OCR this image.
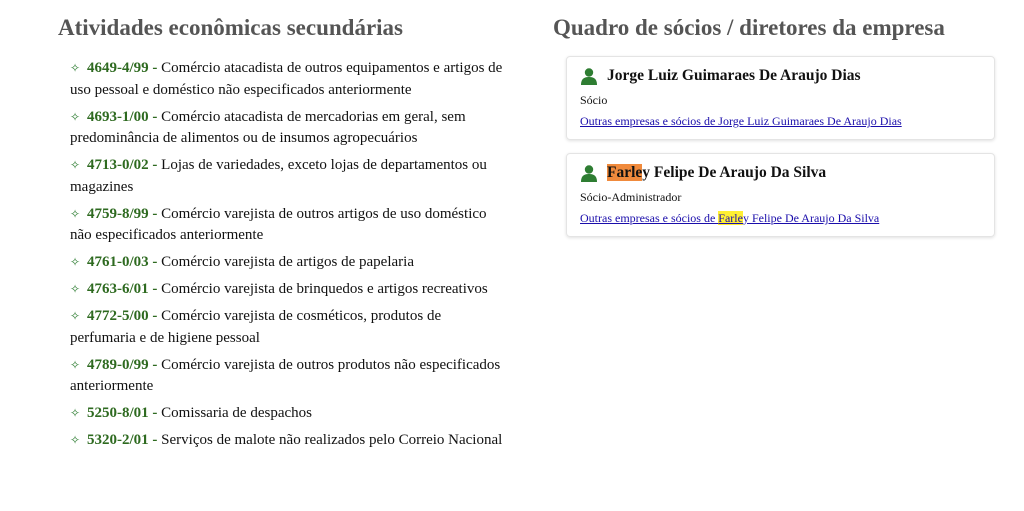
Atividades econômicas secundárias
✧ 4649-4/99 - Comércio atacadista de outros equipamentos e artigos de uso pessoal e doméstico não especificados anteriormente
✧ 4693-1/00 - Comércio atacadista de mercadorias em geral, sem predominância de alimentos ou de insumos agropecuários
✧ 4713-0/02 - Lojas de variedades, exceto lojas de departamentos ou magazines
✧ 4759-8/99 - Comércio varejista de outros artigos de uso doméstico não especificados anteriormente
✧ 4761-0/03 - Comércio varejista de artigos de papelaria
✧ 4763-6/01 - Comércio varejista de brinquedos e artigos recreativos
✧ 4772-5/00 - Comércio varejista de cosméticos, produtos de perfumaria e de higiene pessoal
✧ 4789-0/99 - Comércio varejista de outros produtos não especificados anteriormente
✧ 5250-8/01 - Comissaria de despachos
✧ 5320-2/01 - Serviços de malote não realizados pelo Correio Nacional
Quadro de sócios / diretores da empresa
Jorge Luiz Guimaraes De Araujo Dias
Sócio
Outras empresas e sócios de Jorge Luiz Guimaraes De Araujo Dias
Farley Felipe De Araujo Da Silva
Sócio-Administrador
Outras empresas e sócios de Farley Felipe De Araujo Da Silva
